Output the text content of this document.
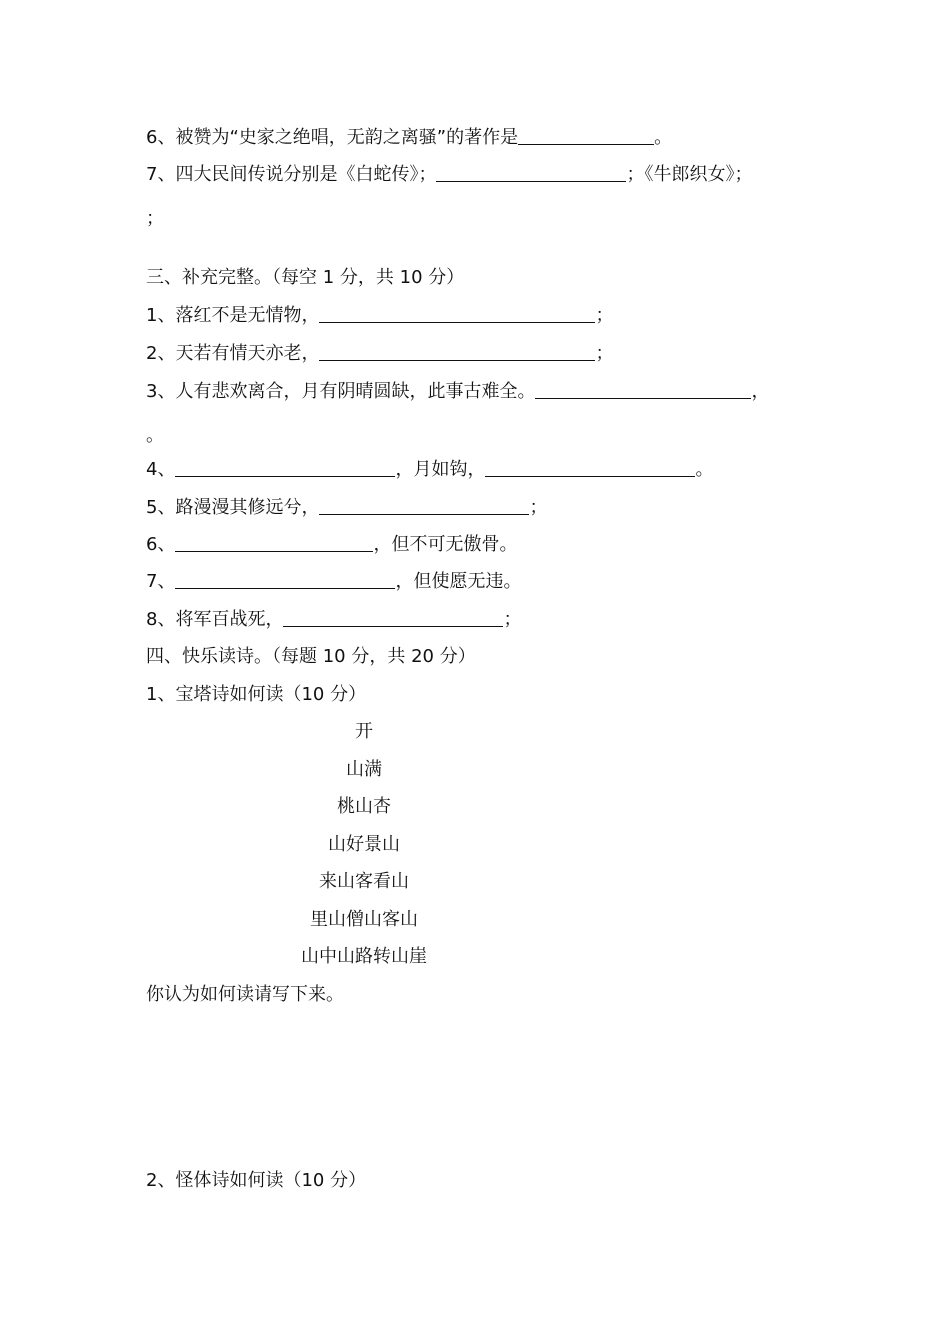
6、被赞为“史家之绝唱，无韵之离骚”的著作是	。
7、四大民间传说分别是《白蛇传》；	；《牛郎织女》；
；
三、补充完整。（每空 1 分，共 10 分）
1、落红不是无情物，	；
2、天若有情天亦老，	；
3、人有悲欢离合，月有阴晴圆缺，此事古难全。	，
。
4、	，月如钩，	。
5、路漫漫其修远兮，	；
6、	，但不可无傲骨。
7、	，但使愿无违。
8、将军百战死，	；
四、快乐读诗。（每题 10 分，共 20 分）
1、宝塔诗如何读（10 分）
开
山满
桃山杏
山好景山
来山客看山
里山僧山客山
山中山路转山崖
你认为如何读请写下来。
2、怪体诗如何读（10 分）
